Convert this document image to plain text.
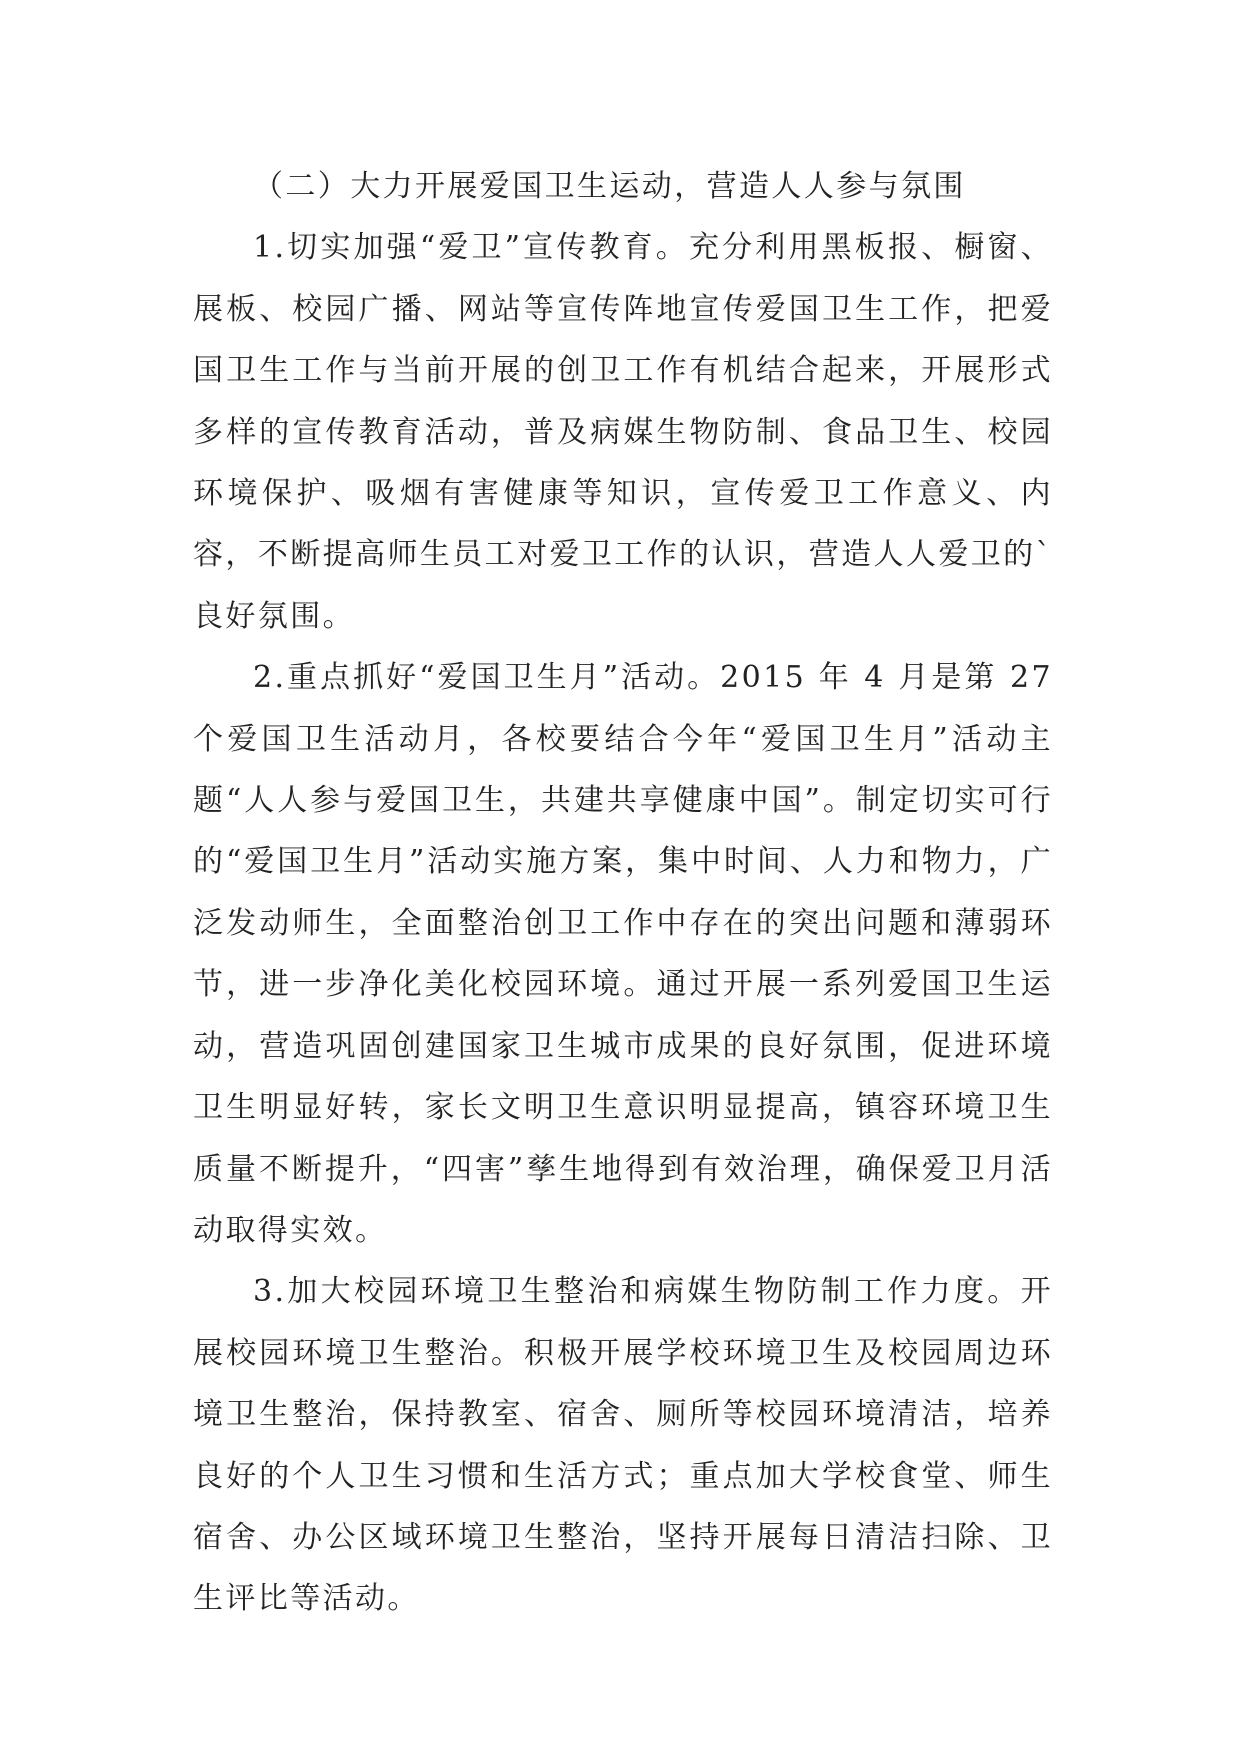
（二）大力开展爱国卫生运动，营造人人参与氛围

1.切实加强“爱卫”宣传教育。充分利用黑板报、橱窗、展板、校园广播、网站等宣传阵地宣传爱国卫生工作，把爱国卫生工作与当前开展的创卫工作有机结合起来，开展形式多样的宣传教育活动，普及病媒生物防制、食品卫生、校园环境保护、吸烟有害健康等知识，宣传爱卫工作意义、内容，不断提高师生员工对爱卫工作的认识，营造人人爱卫的`良好氛围。

2.重点抓好“爱国卫生月”活动。2015 年 4 月是第 27 个爱国卫生活动月，各校要结合今年“爱国卫生月”活动主题“人人参与爱国卫生，共建共享健康中国”。制定切实可行的“爱国卫生月”活动实施方案，集中时间、人力和物力，广泛发动师生，全面整治创卫工作中存在的突出问题和薄弱环节，进一步净化美化校园环境。通过开展一系列爱国卫生运动，营造巩固创建国家卫生城市成果的良好氛围，促进环境卫生明显好转，家长文明卫生意识明显提高，镇容环境卫生质量不断提升，“四害”孳生地得到有效治理，确保爱卫月活动取得实效。

3.加大校园环境卫生整治和病媒生物防制工作力度。开展校园环境卫生整治。积极开展学校环境卫生及校园周边环境卫生整治，保持教室、宿舍、厕所等校园环境清洁，培养良好的个人卫生习惯和生活方式；重点加大学校食堂、师生宿舍、办公区域环境卫生整治，坚持开展每日清洁扫除、卫生评比等活动。
